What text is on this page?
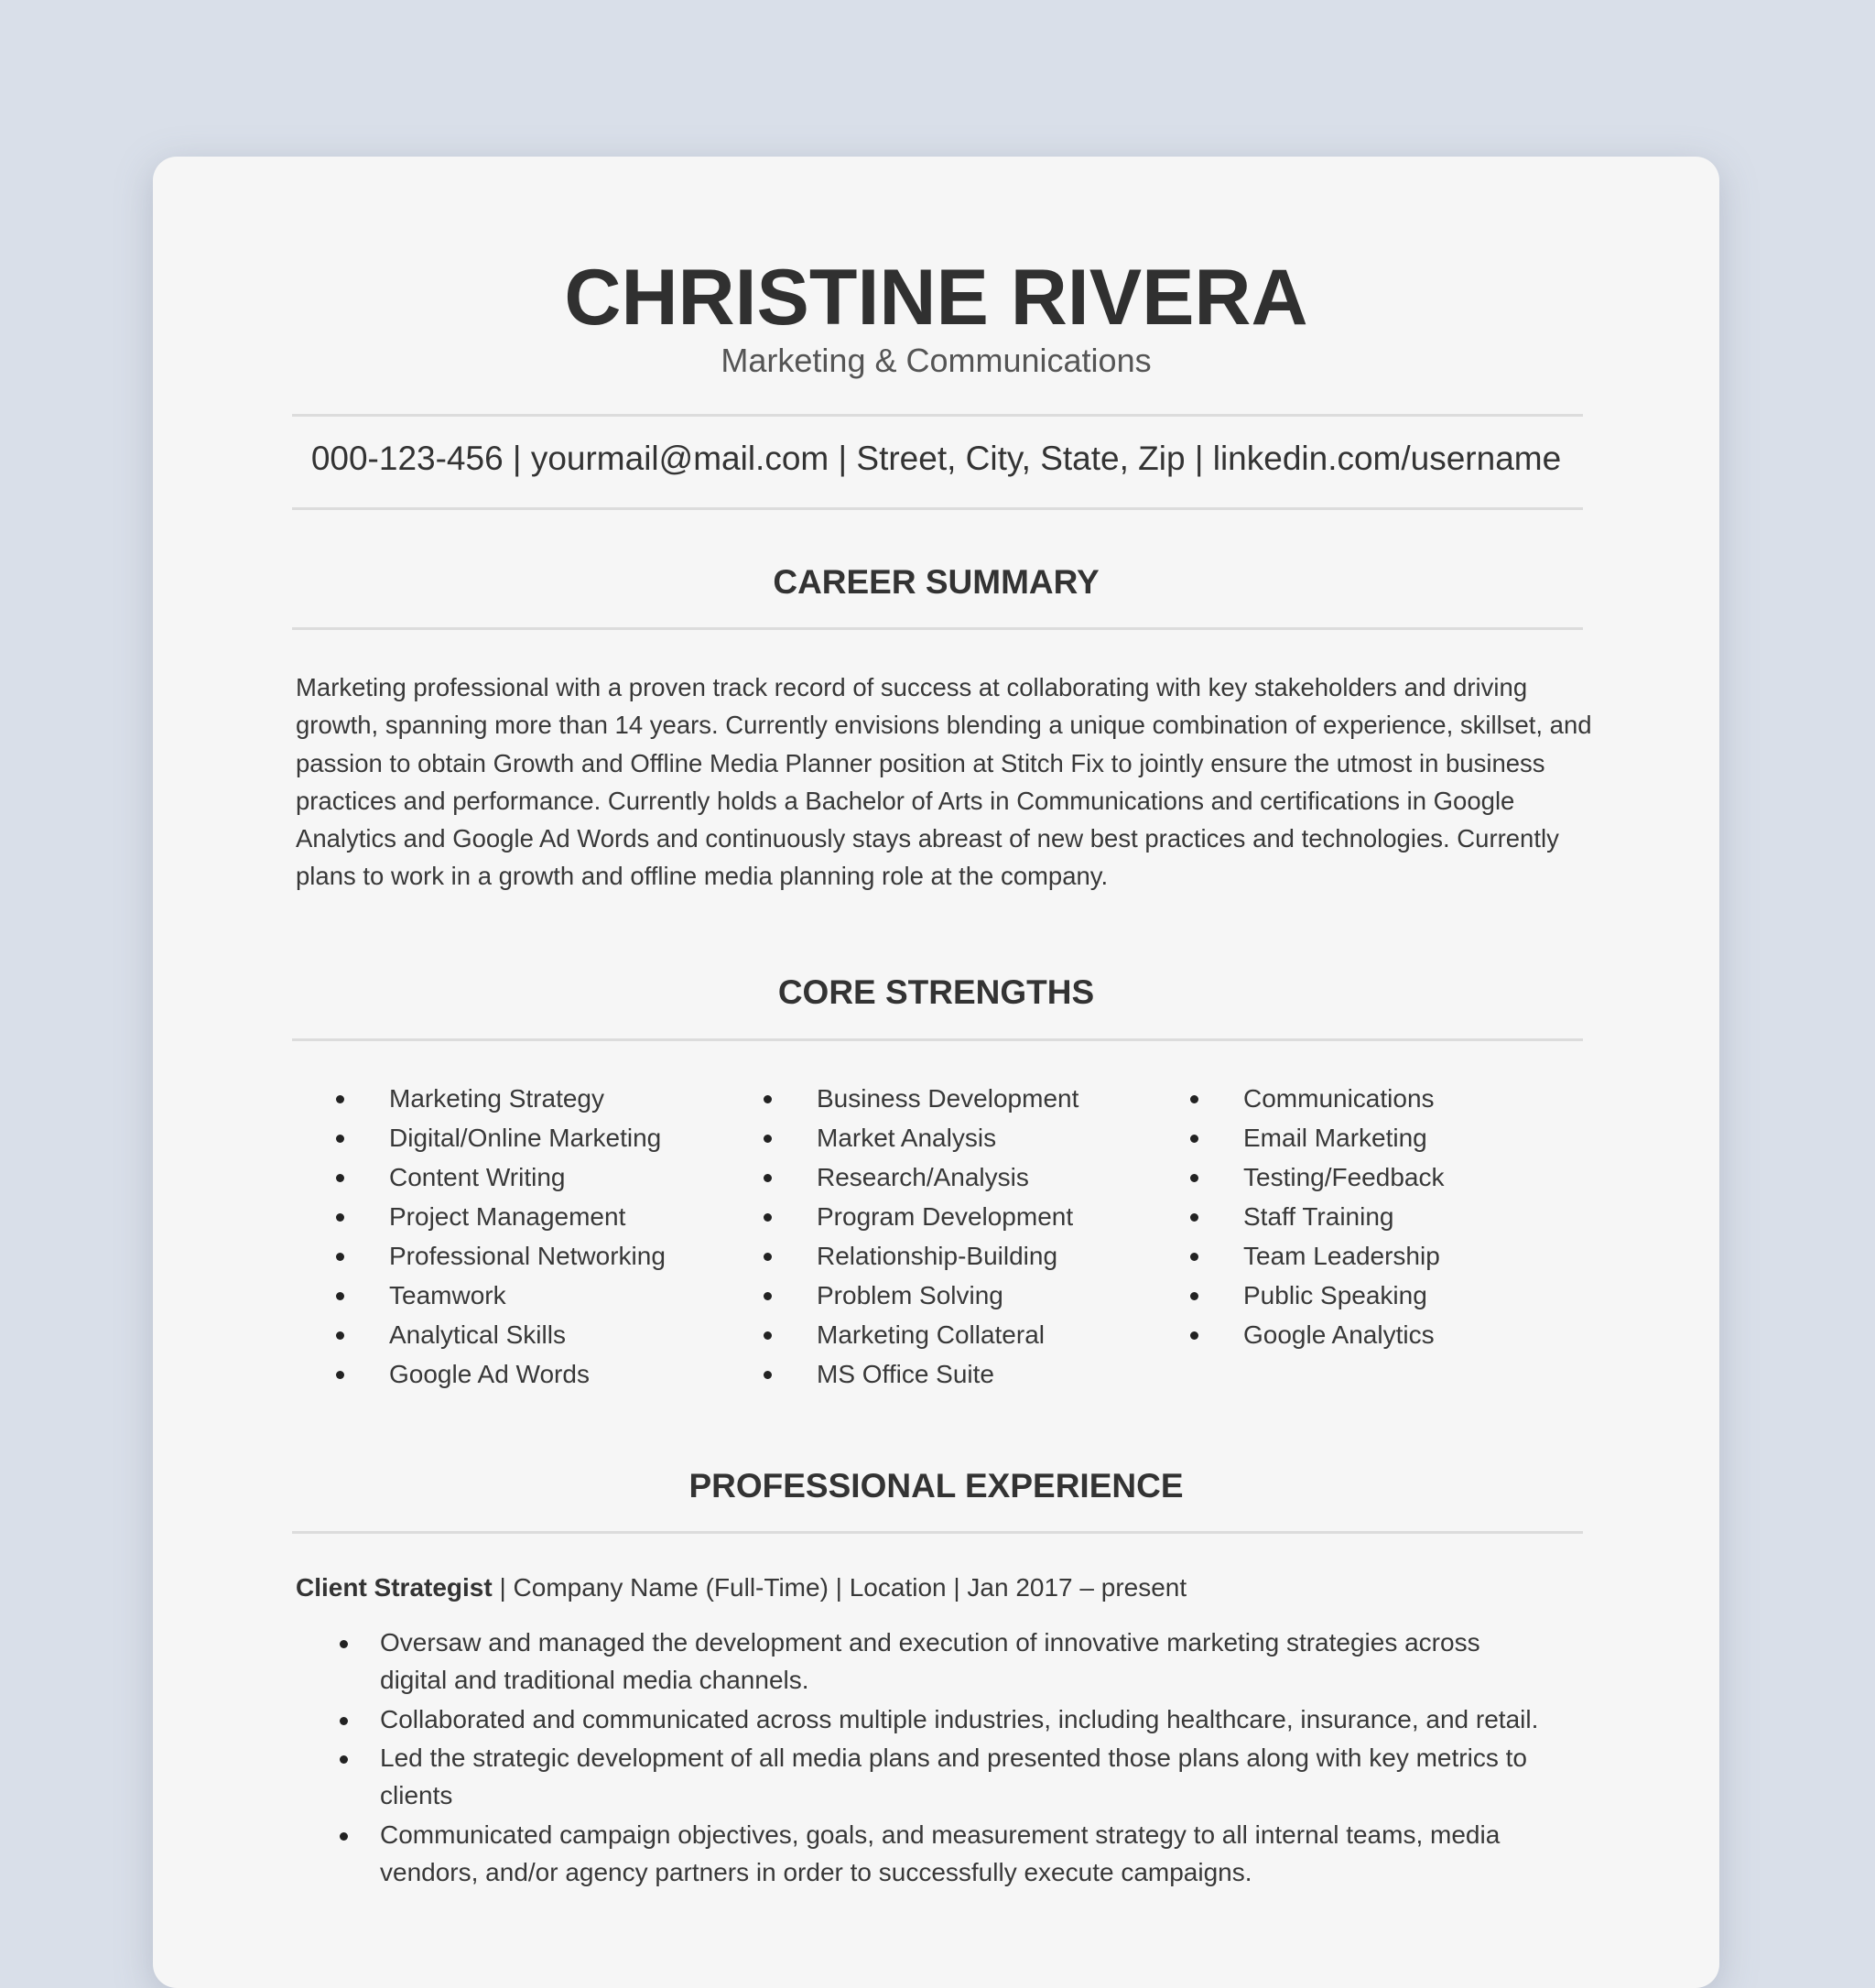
CHRISTINE RIVERA
Marketing & Communications
000-123-456 | yourmail@mail.com | Street, City, State, Zip | linkedin.com/username
CAREER SUMMARY
Marketing professional with a proven track record of success at collaborating with key stakeholders and driving growth, spanning more than 14 years. Currently envisions blending a unique combination of experience, skillset, and passion to obtain Growth and Offline Media Planner position at Stitch Fix to jointly ensure the utmost in business practices and performance. Currently holds a Bachelor of Arts in Communications and certifications in Google Analytics and Google Ad Words and continuously stays abreast of new best practices and technologies. Currently plans to work in a growth and offline media planning role at the company.
CORE STRENGTHS
Marketing Strategy
Digital/Online Marketing
Content Writing
Project Management
Professional Networking
Teamwork
Analytical Skills
Google Ad Words
Business Development
Market Analysis
Research/Analysis
Program Development
Relationship-Building
Problem Solving
Marketing Collateral
MS Office Suite
Communications
Email Marketing
Testing/Feedback
Staff Training
Team Leadership
Public Speaking
Google Analytics
PROFESSIONAL EXPERIENCE
Client Strategist | Company Name (Full-Time) | Location | Jan 2017 – present
Oversaw and managed the development and execution of innovative marketing strategies across digital and traditional media channels.
Collaborated and communicated across multiple industries, including healthcare, insurance, and retail.
Led the strategic development of all media plans and presented those plans along with key metrics to clients
Communicated campaign objectives, goals, and measurement strategy to all internal teams, media vendors, and/or agency partners in order to successfully execute campaigns.
